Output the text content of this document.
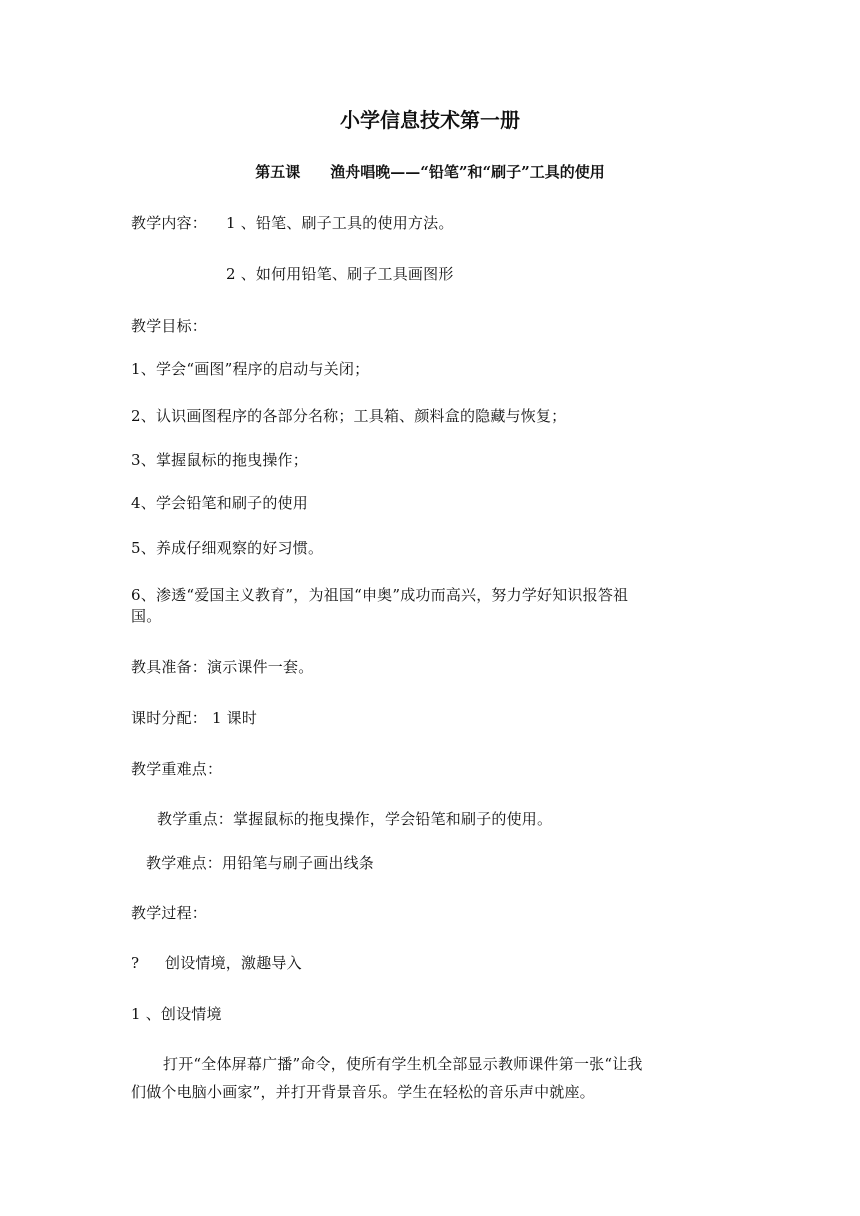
小学信息技术第一册
第五课 渔舟唱晚——“铅笔”和“刷子”工具的使用
教学内容： 1 、铅笔、刷子工具的使用方法。
2 、如何用铅笔、刷子工具画图形
教学目标：
1、学会“画图”程序的启动与关闭；
2、认识画图程序的各部分名称；工具箱、颜料盒的隐藏与恢复；
3、掌握鼠标的拖曳操作；
4、学会铅笔和刷子的使用
5、养成仔细观察的好习惯。
6、渗透“爱国主义教育”，为祖国“申奥”成功而高兴，努力学好知识报答祖
国。
教具准备：演示课件一套。
课时分配： 1 课时
教学重难点：
教学重点：掌握鼠标的拖曳操作，学会铅笔和刷子的使用。
教学难点：用铅笔与刷子画出线条
教学过程：
? 创设情境，激趣导入
1 、创设情境
打开“全体屏幕广播”命令，使所有学生机全部显示教师课件第一张“让我
们做个电脑小画家”，并打开背景音乐。学生在轻松的音乐声中就座。
